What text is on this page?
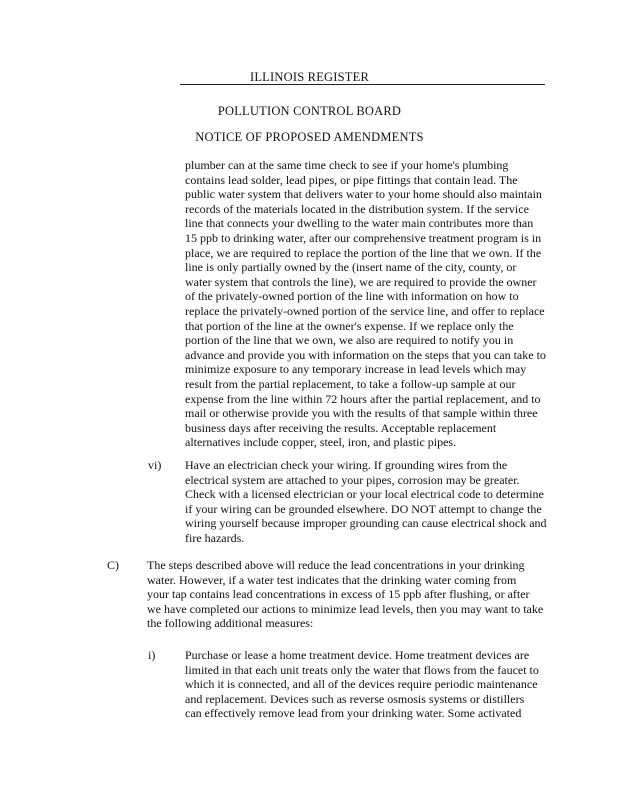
ILLINOIS REGISTER
POLLUTION CONTROL BOARD
NOTICE OF PROPOSED AMENDMENTS
plumber can at the same time check to see if your home's plumbing
contains lead solder, lead pipes, or pipe fittings that contain lead. The
public water system that delivers water to your home should also maintain
records of the materials located in the distribution system. If the service
line that connects your dwelling to the water main contributes more than
15 ppb to drinking water, after our comprehensive treatment program is in
place, we are required to replace the portion of the line that we own. If the
line is only partially owned by the (insert name of the city, county, or
water system that controls the line), we are required to provide the owner
of the privately-owned portion of the line with information on how to
replace the privately-owned portion of the service line, and offer to replace
that portion of the line at the owner's expense. If we replace only the
portion of the line that we own, we also are required to notify you in
advance and provide you with information on the steps that you can take to
minimize exposure to any temporary increase in lead levels which may
result from the partial replacement, to take a follow-up sample at our
expense from the line within 72 hours after the partial replacement, and to
mail or otherwise provide you with the results of that sample within three
business days after receiving the results. Acceptable replacement
alternatives include copper, steel, iron, and plastic pipes.
vi) Have an electrician check your wiring. If grounding wires from the
electrical system are attached to your pipes, corrosion may be greater.
Check with a licensed electrician or your local electrical code to determine
if your wiring can be grounded elsewhere. DO NOT attempt to change the
wiring yourself because improper grounding can cause electrical shock and
fire hazards.
C) The steps described above will reduce the lead concentrations in your drinking
water. However, if a water test indicates that the drinking water coming from
your tap contains lead concentrations in excess of 15 ppb after flushing, or after
we have completed our actions to minimize lead levels, then you may want to take
the following additional measures:
i) Purchase or lease a home treatment device. Home treatment devices are
limited in that each unit treats only the water that flows from the faucet to
which it is connected, and all of the devices require periodic maintenance
and replacement. Devices such as reverse osmosis systems or distillers
can effectively remove lead from your drinking water. Some activated
